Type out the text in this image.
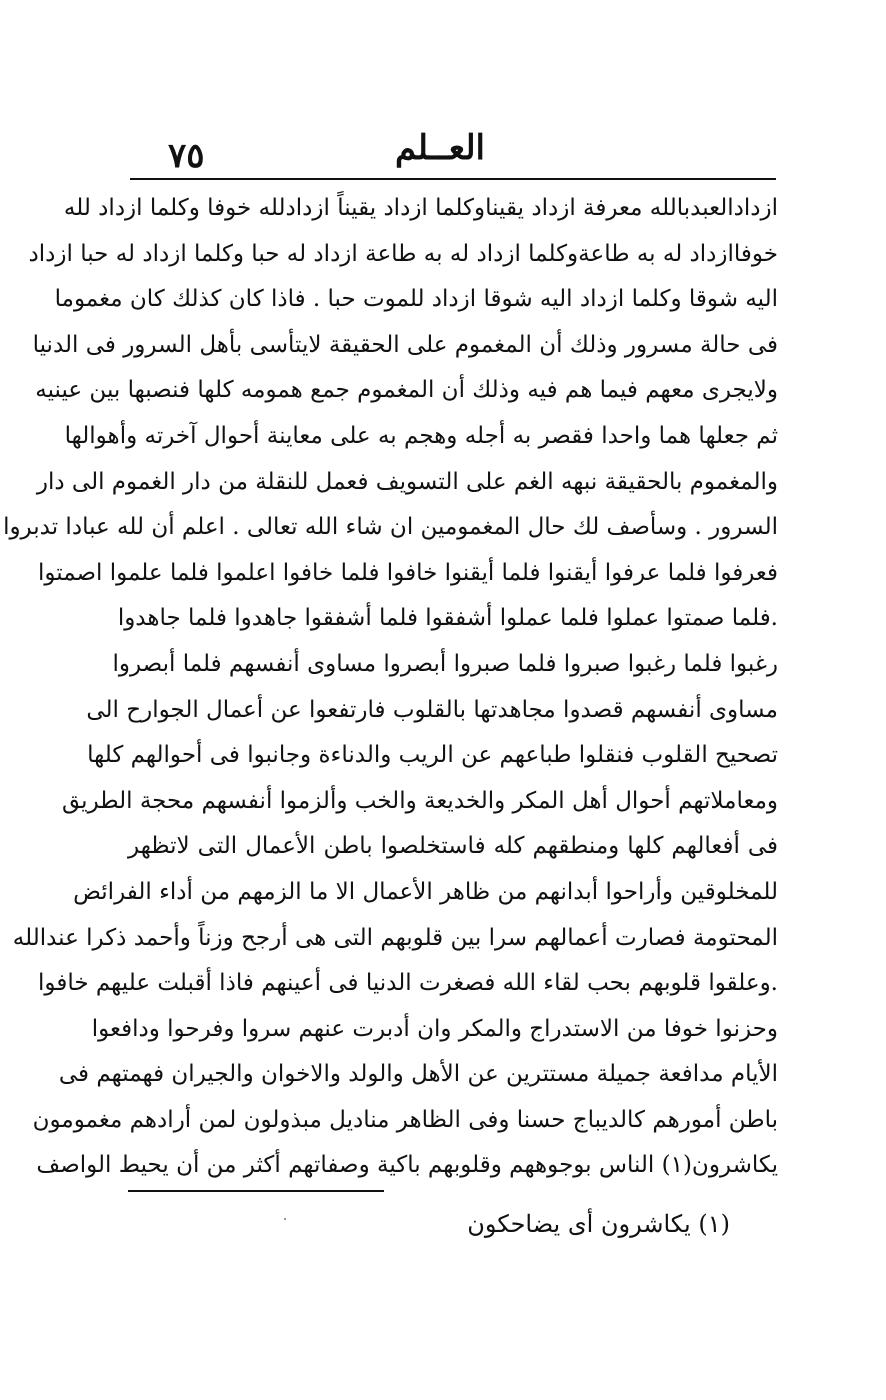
٧٥	العــلم
ازدادالعبدبالله معرفة ازداد يقيناوكلما ازداد يقيناً ازدادلله خوفا وكلما ازداد لله
خوفاازداد له به طاعةوكلما ازداد له به طاعة ازداد له حبا وكلما ازداد له حبا ازداد
اليه شوقا وكلما ازداد اليه شوقا ازداد للموت حبا . فاذا كان كذلك كان مغموما
فى حالة مسرور وذلك أن المغموم على الحقيقة لايتأسى بأهل السرور فى الدنيا
ولايجرى معهم فيما هم فيه وذلك أن المغموم جمع همومه كلها فنصبها بين عينيه
ثم جعلها هما واحدا فقصر به أجله وهجم به على معاينة أحوال آخرته وأهوالها
والمغموم بالحقيقة نبهه الغم على التسويف فعمل للنقلة من دار الغموم الى دار
السرور . وسأصف لك حال المغمومين ان شاء الله تعالى . اعلم أن لله عبادا تدبروا
فعرفوا فلما عرفوا أيقنوا فلما أيقنوا خافوا فلما خافوا اعلموا فلما علموا اصمتوا
.فلما صمتوا عملوا فلما عملوا أشفقوا فلما أشفقوا جاهدوا فلما جاهدوا
رغبوا فلما رغبوا صبروا فلما صبروا أبصروا مساوى أنفسهم فلما أبصروا
مساوى أنفسهم قصدوا مجاهدتها بالقلوب فارتفعوا عن أعمال الجوارح الى
تصحيح القلوب فنقلوا طباعهم عن الريب والدناءة وجانبوا فى أحوالهم كلها
ومعاملاتهم أحوال أهل المكر والخديعة والخب وألزموا أنفسهم محجة الطريق
فى أفعالهم كلها ومنطقهم كله فاستخلصوا باطن الأعمال التى لاتظهر
للمخلوقين وأراحوا أبدانهم من ظاهر الأعمال الا ما الزمهم من أداء الفرائض
المحتومة فصارت أعمالهم سرا بين قلوبهم التى هى أرجح وزناً وأحمد ذكرا عندالله
.وعلقوا قلوبهم بحب لقاء الله فصغرت الدنيا فى أعينهم فاذا أقبلت عليهم خافوا
وحزنوا خوفا من الاستدراج والمكر وان أدبرت عنهم سروا وفرحوا ودافعوا
الأيام مدافعة جميلة مستترين عن الأهل والولد والاخوان والجيران فهمتهم فى
باطن أمورهم كالديباج حسنا وفى الظاهر مناديل مبذولون لمن أرادهم مغمومون
يكاشرون(١) الناس بوجوههم وقلوبهم باكية وصفاتهم أكثر من أن يحيط الواصف
(١) يكاشرون أى يضاحكون
